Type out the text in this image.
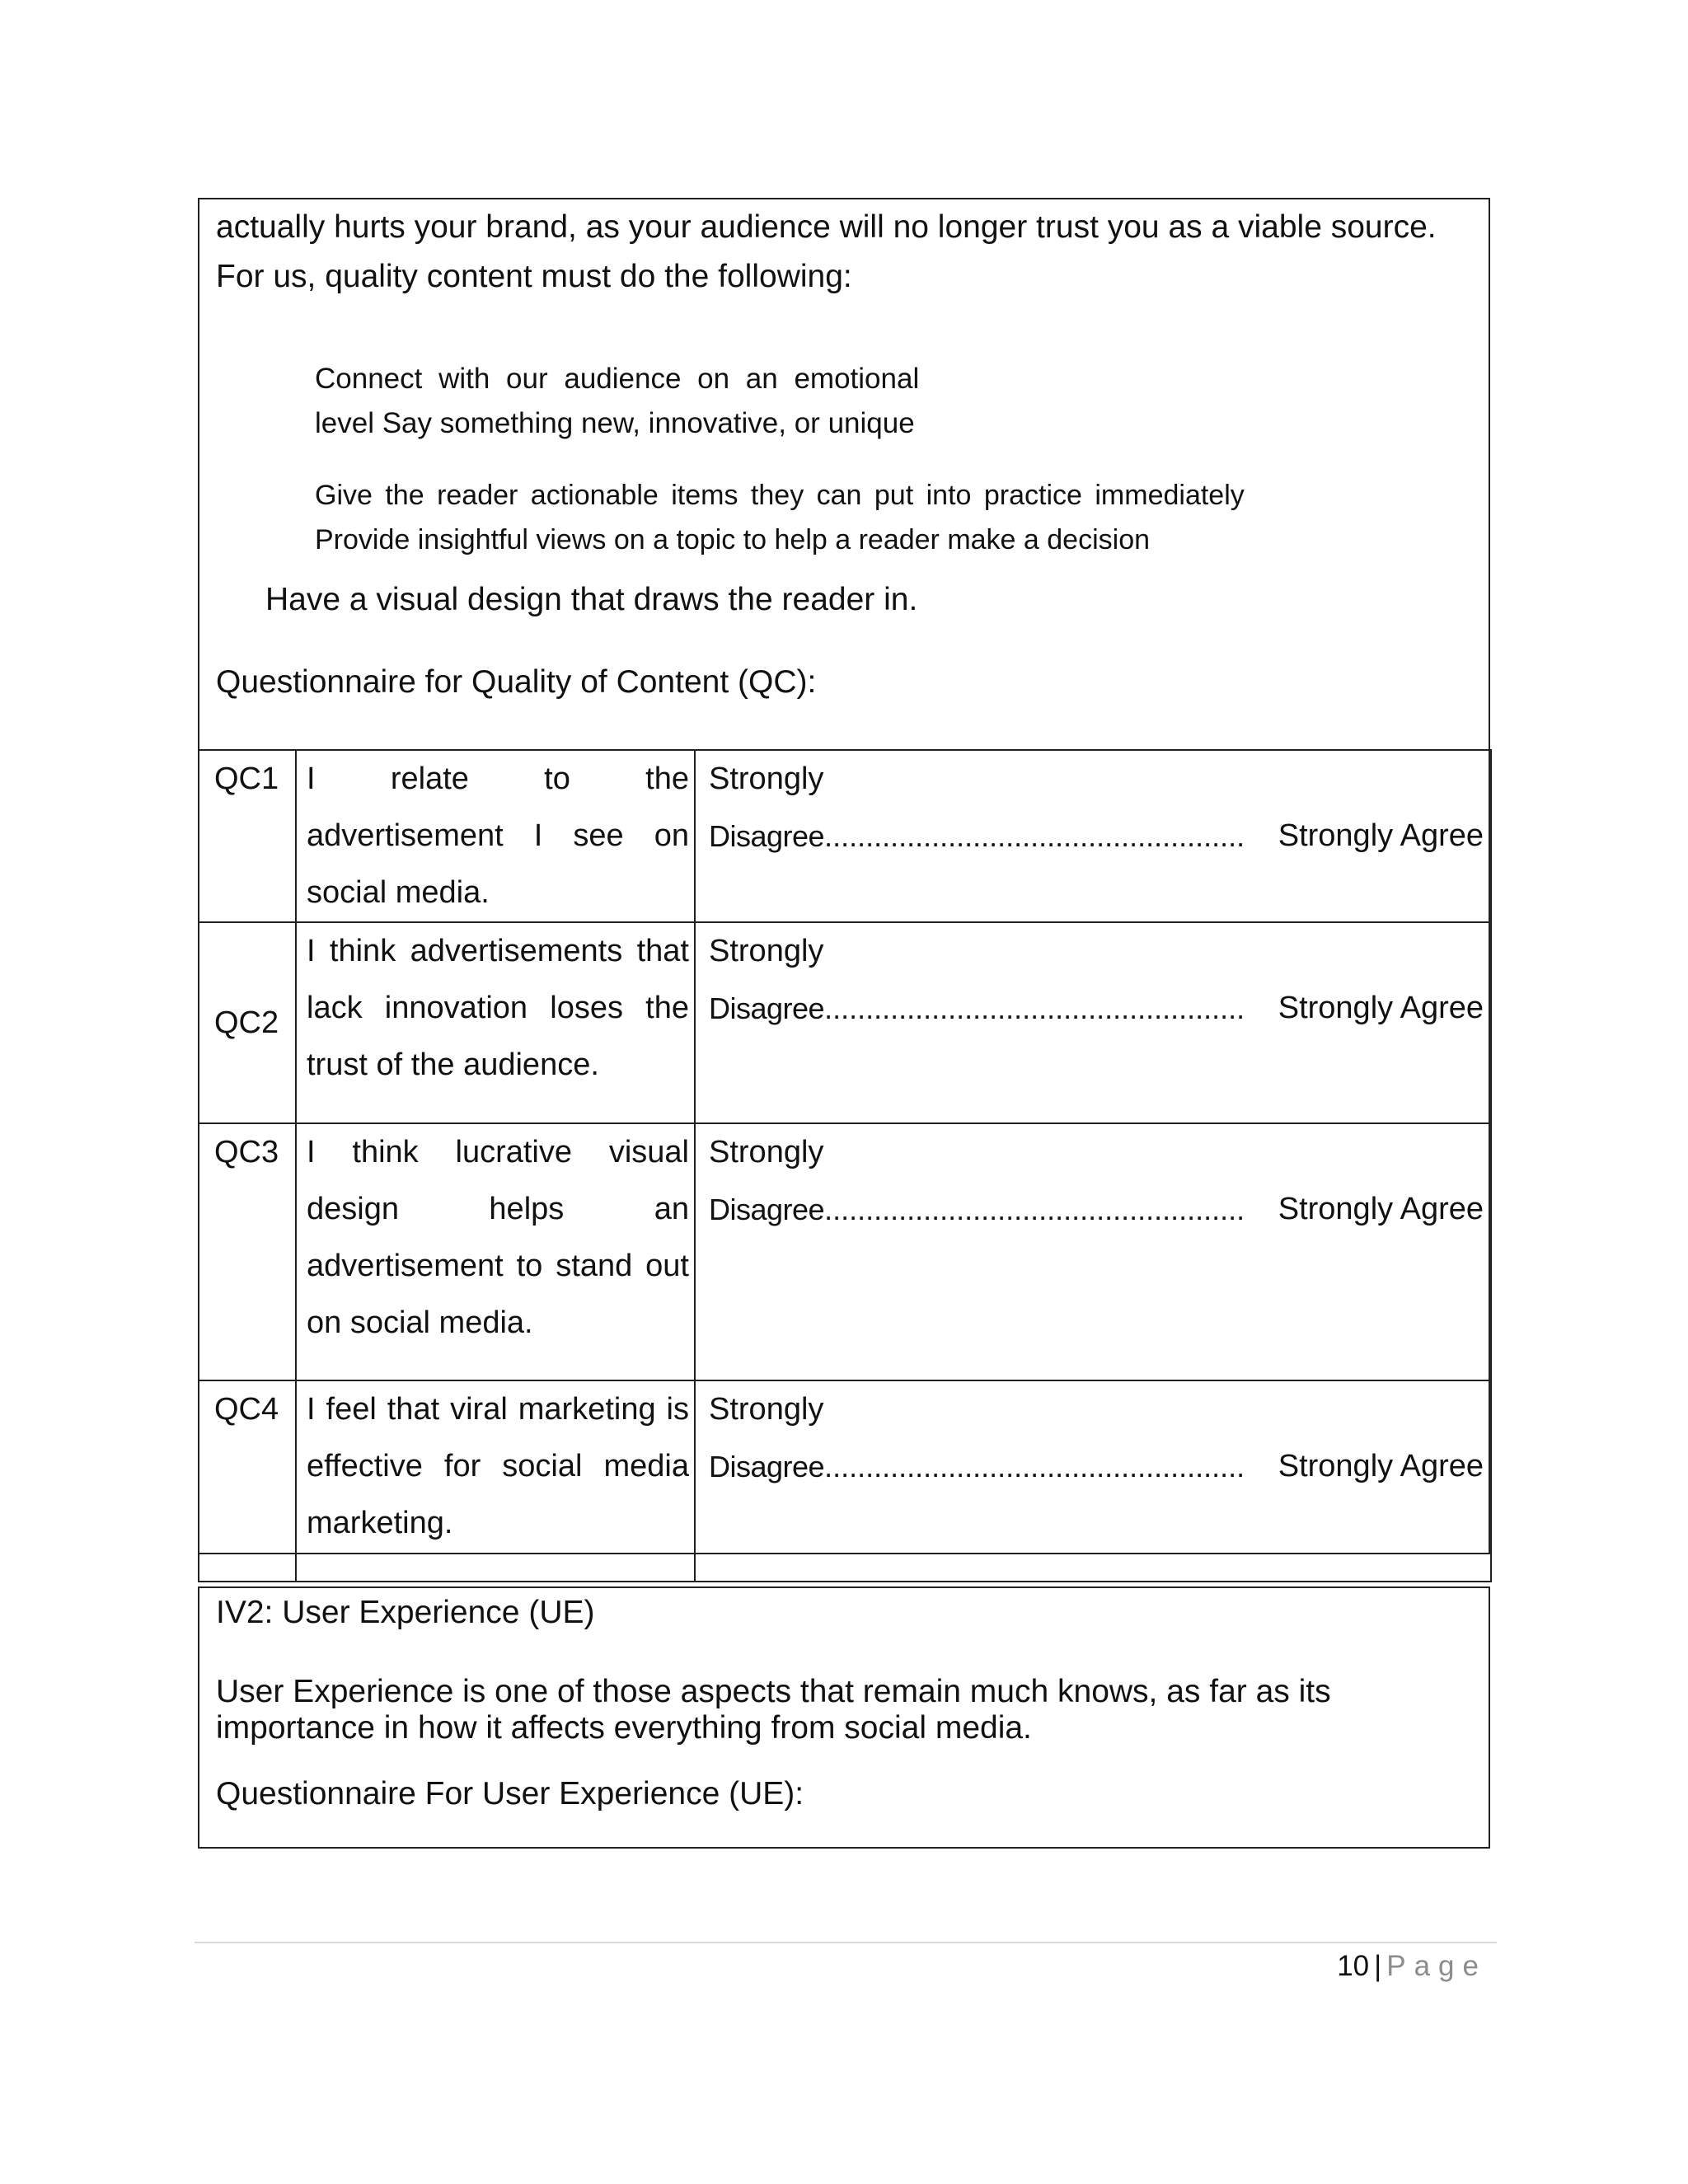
actually hurts your brand, as your audience will no longer trust you as a viable source.
For us, quality content must do the following:
Connect with our audience on an emotional
level Say something new, innovative, or unique
Give the reader actionable items they can put into practice immediately
Provide insightful views on a topic to help a reader make a decision
Have a visual design that draws the reader in.
Questionnaire for Quality of Content (QC):
QC1	I relate to the advertisement I see on social media.	Strongly
Disagree................................................... Strongly Agree

QC2	I think advertisements that lack innovation loses the trust of the audience.	Strongly
Disagree................................................... Strongly Agree

QC3	I think lucrative visual design helps an advertisement to stand out on social media.	Strongly
Disagree................................................... Strongly Agree

QC4	I feel that viral marketing is effective for social media marketing.	Strongly
Disagree................................................... Strongly Agree
IV2: User Experience (UE)
User Experience is one of those aspects that remain much knows, as far as its
importance in how it affects everything from social media.
Questionnaire For User Experience (UE):
10 | Page
